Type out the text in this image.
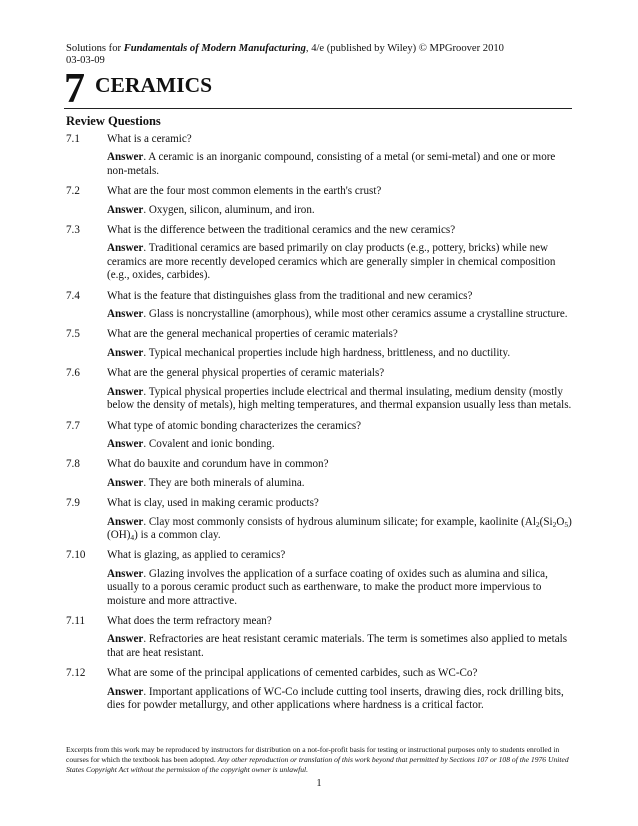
Solutions for Fundamentals of Modern Manufacturing, 4/e (published by Wiley) © MPGroover 2010
03-03-09
7 CERAMICS
Review Questions
7.1	What is a ceramic?
Answer. A ceramic is an inorganic compound, consisting of a metal (or semi-metal) and one or more non-metals.
7.2	What are the four most common elements in the earth's crust?
Answer. Oxygen, silicon, aluminum, and iron.
7.3	What is the difference between the traditional ceramics and the new ceramics?
Answer. Traditional ceramics are based primarily on clay products (e.g., pottery, bricks) while new ceramics are more recently developed ceramics which are generally simpler in chemical composition (e.g., oxides, carbides).
7.4	What is the feature that distinguishes glass from the traditional and new ceramics?
Answer. Glass is noncrystalline (amorphous), while most other ceramics assume a crystalline structure.
7.5	What are the general mechanical properties of ceramic materials?
Answer. Typical mechanical properties include high hardness, brittleness, and no ductility.
7.6	What are the general physical properties of ceramic materials?
Answer. Typical physical properties include electrical and thermal insulating, medium density (mostly below the density of metals), high melting temperatures, and thermal expansion usually less than metals.
7.7	What type of atomic bonding characterizes the ceramics?
Answer. Covalent and ionic bonding.
7.8	What do bauxite and corundum have in common?
Answer. They are both minerals of alumina.
7.9	What is clay, used in making ceramic products?
Answer. Clay most commonly consists of hydrous aluminum silicate; for example, kaolinite $(Al_2(Si_2O_5)(OH)_4)$ is a common clay.
7.10	What is glazing, as applied to ceramics?
Answer. Glazing involves the application of a surface coating of oxides such as alumina and silica, usually to a porous ceramic product such as earthenware, to make the product more impervious to moisture and more attractive.
7.11	What does the term refractory mean?
Answer. Refractories are heat resistant ceramic materials. The term is sometimes also applied to metals that are heat resistant.
7.12	What are some of the principal applications of cemented carbides, such as WC-Co?
Answer. Important applications of WC-Co include cutting tool inserts, drawing dies, rock drilling bits, dies for powder metallurgy, and other applications where hardness is a critical factor.
Excerpts from this work may be reproduced by instructors for distribution on a not-for-profit basis for testing or instructional purposes only to students enrolled in courses for which the textbook has been adopted. Any other reproduction or translation of this work beyond that permitted by Sections 107 or 108 of the 1976 United States Copyright Act without the permission of the copyright owner is unlawful.
1
